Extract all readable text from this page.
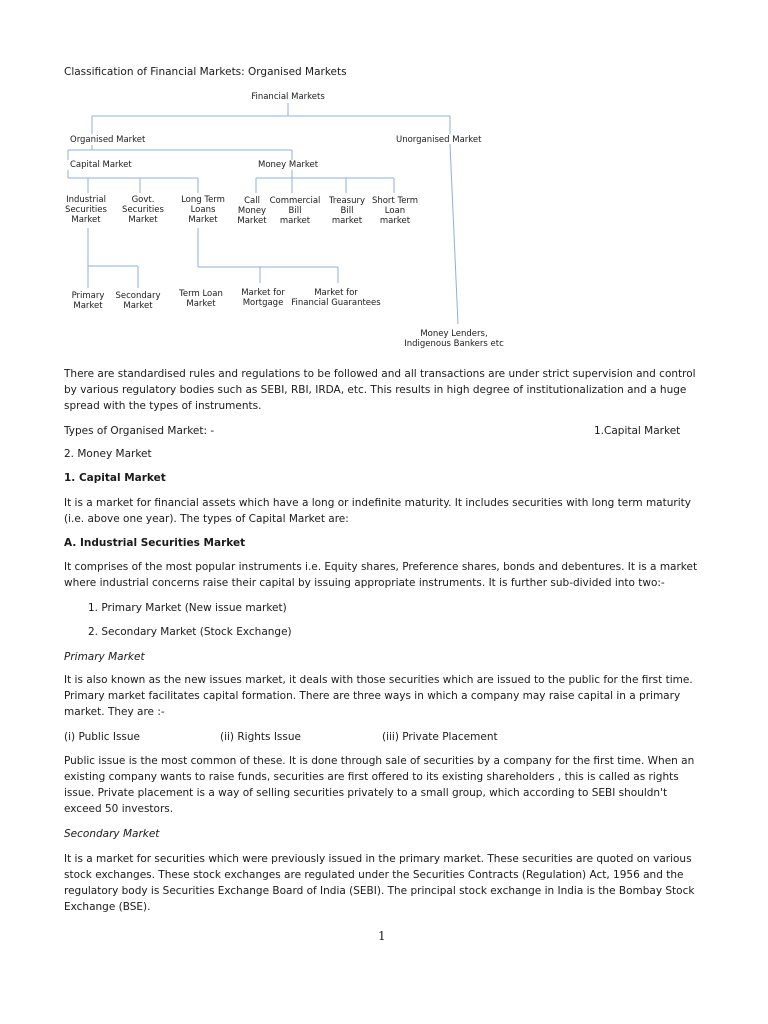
Classification of Financial Markets: Organised Markets
Financial Markets
Organised Market	Unorganised Market
Capital Market	Money Market
Industrial
Securities
Market
Govt.
Securities
Market
Long Term
Loans
Market
Call
Money
Market
Commercial
Bill
market
Treasury
Bill
market
Short Term
Loan
market
Primary
Market
Secondary
Market
Term Loan
Market
Market for
Mortgage
Market for
Financial Guarantees
Money Lenders,
Indigenous Bankers etc
There are standardised rules and regulations to be followed and all transactions are under strict supervision and control by various regulatory bodies such as SEBI, RBI, IRDA, etc. This results in high degree of institutionalization and a huge spread with the types of instruments.
Types of Organised Market: -	1.Capital Market
2. Money Market
1. Capital Market
It is a market for financial assets which have a long or indefinite maturity. It includes securities with long term maturity (i.e. above one year). The types of Capital Market are:
A. Industrial Securities Market
It comprises of the most popular instruments i.e. Equity shares, Preference shares, bonds and debentures. It is a market where industrial concerns raise their capital by issuing appropriate instruments. It is further sub-divided into two:-
1. Primary Market (New issue market)
2. Secondary Market (Stock Exchange)
Primary Market
It is also known as the new issues market, it deals with those securities which are issued to the public for the first time. Primary market facilitates capital formation. There are three ways in which a company may raise capital in a primary market. They are :-
(i) Public Issue	(ii) Rights Issue	(iii) Private Placement
Public issue is the most common of these. It is done through sale of securities by a company for the first time. When an existing company wants to raise funds, securities are first offered to its existing shareholders , this is called as rights issue. Private placement is a way of selling securities privately to a small group, which according to SEBI shouldn't exceed 50 investors.
Secondary Market
It is a market for securities which were previously issued in the primary market. These securities are quoted on various stock exchanges. These stock exchanges are regulated under the Securities Contracts (Regulation) Act, 1956 and the regulatory body is Securities Exchange Board of India (SEBI). The principal stock exchange in India is the Bombay Stock Exchange (BSE).
1
